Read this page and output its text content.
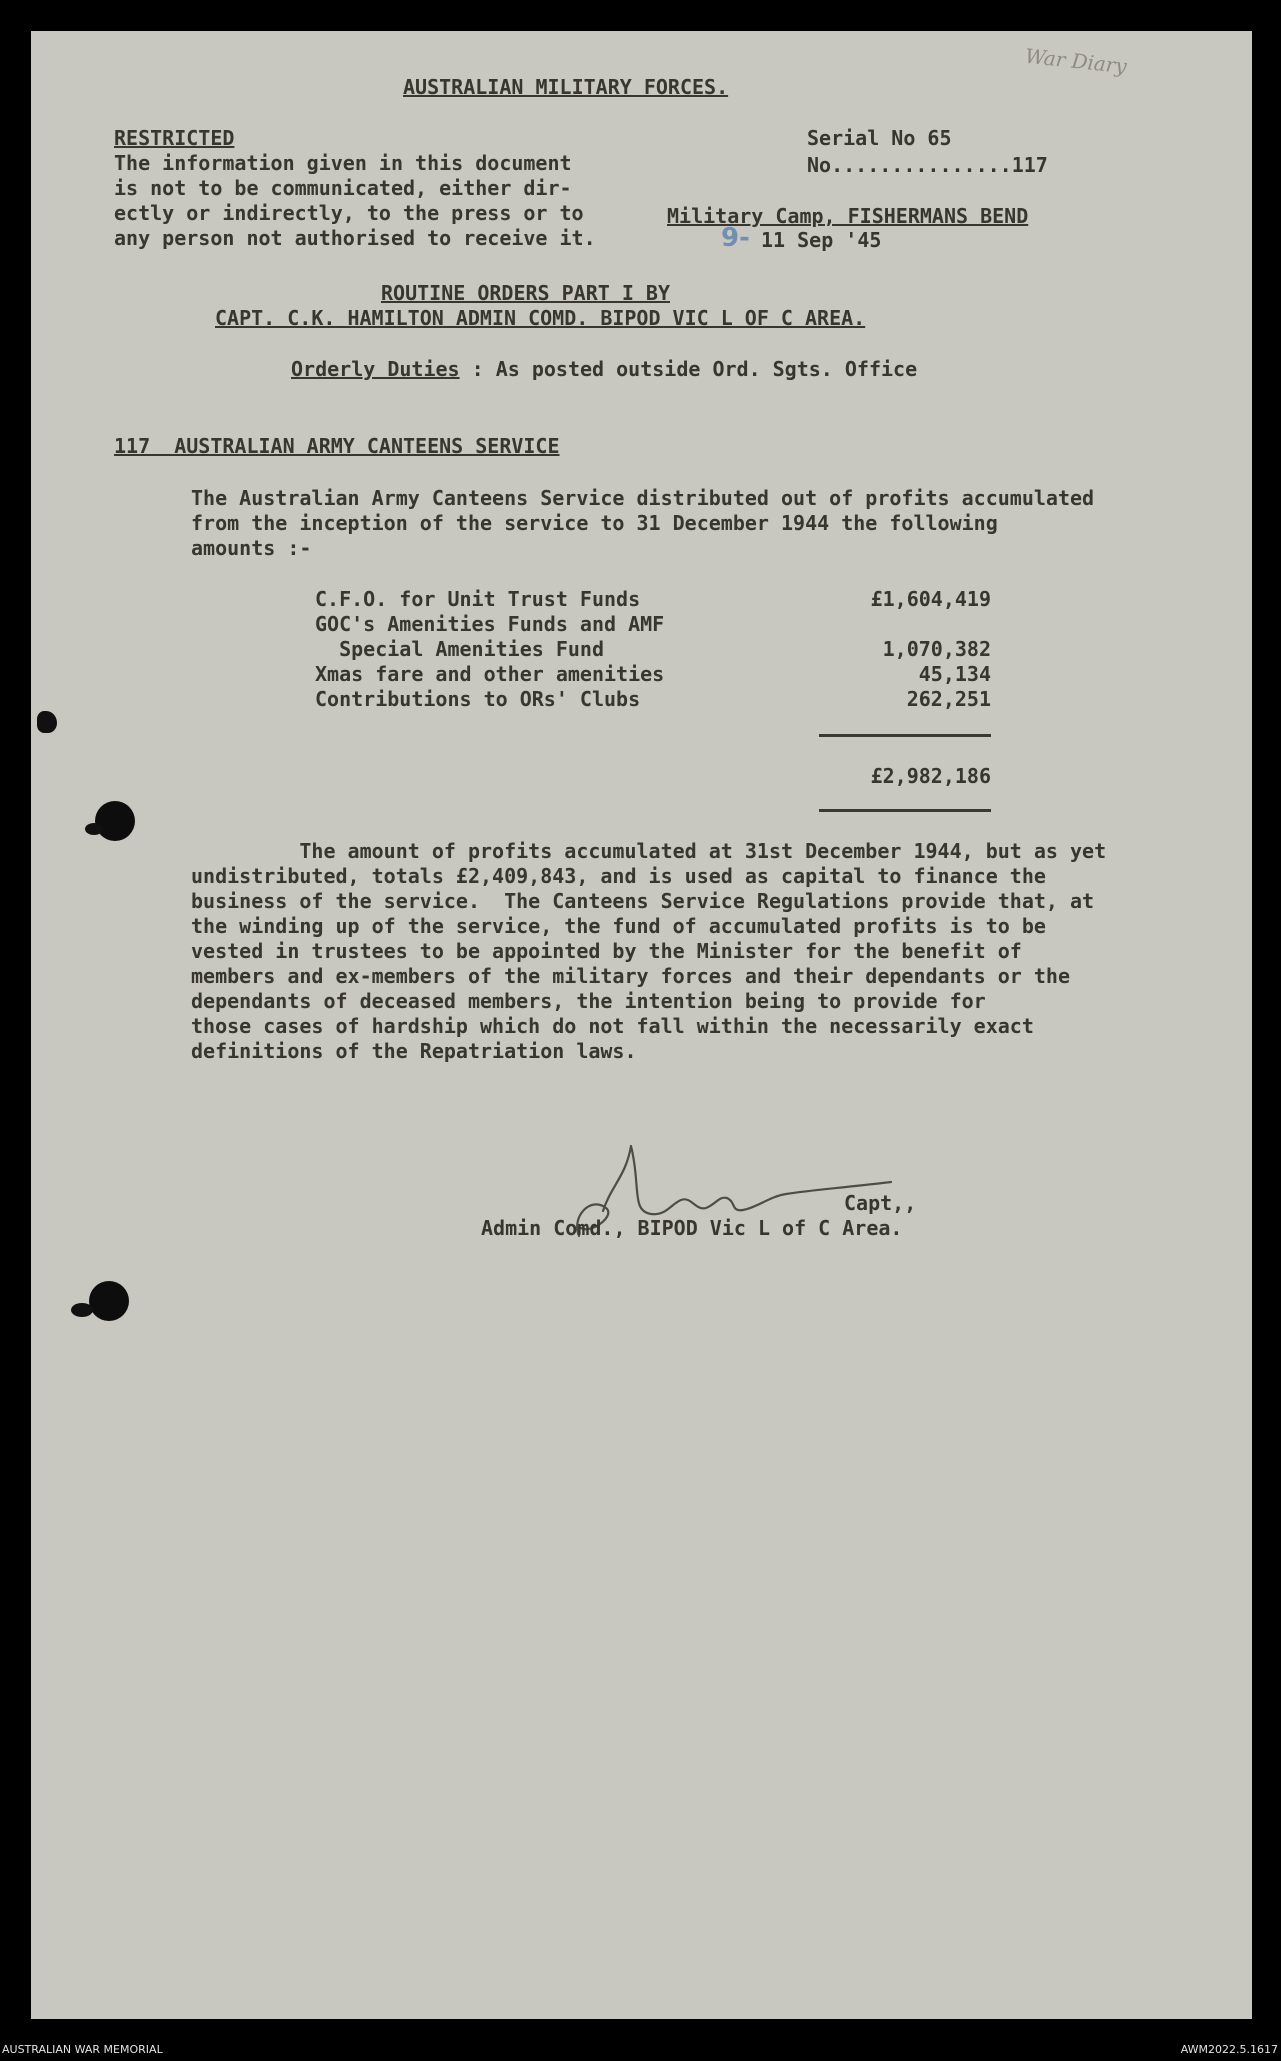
War Diary
AUSTRALIAN MILITARY FORCES.
RESTRICTED
The information given in this document
is not to be communicated, either dir-
ectly or indirectly, to the press or to
any person not authorised to receive it.
Serial No 65
No...............117
Military Camp, FISHERMANS BEND
9- 11 Sep '45
ROUTINE ORDERS PART I BY
CAPT. C.K. HAMILTON ADMIN COMD. BIPOD VIC L OF C AREA.
Orderly Duties : As posted outside Ord. Sgts. Office
117  AUSTRALIAN ARMY CANTEENS SERVICE
The Australian Army Canteens Service distributed out of profits accumulated
from the inception of the service to 31 December 1944 the following
amounts :-
C.F.O. for Unit Trust Funds	£1,604,419
GOC's Amenities Funds and AMF
Special Amenities Fund	1,070,382
Xmas fare and other amenities	45,134
Contributions to ORs' Clubs	262,251
£2,982,186
The amount of profits accumulated at 31st December 1944, but as yet
undistributed, totals £2,409,843, and is used as capital to finance the
business of the service.  The Canteens Service Regulations provide that, at
the winding up of the service, the fund of accumulated profits is to be
vested in trustees to be appointed by the Minister for the benefit of
members and ex-members of the military forces and their dependants or the
dependants of deceased members, the intention being to provide for
those cases of hardship which do not fall within the necessarily exact
definitions of the Repatriation laws.
Capt,,
Admin Comd., BIPOD Vic L of C Area.
AUSTRALIAN WAR MEMORIAL	AWM2022.5.1617
